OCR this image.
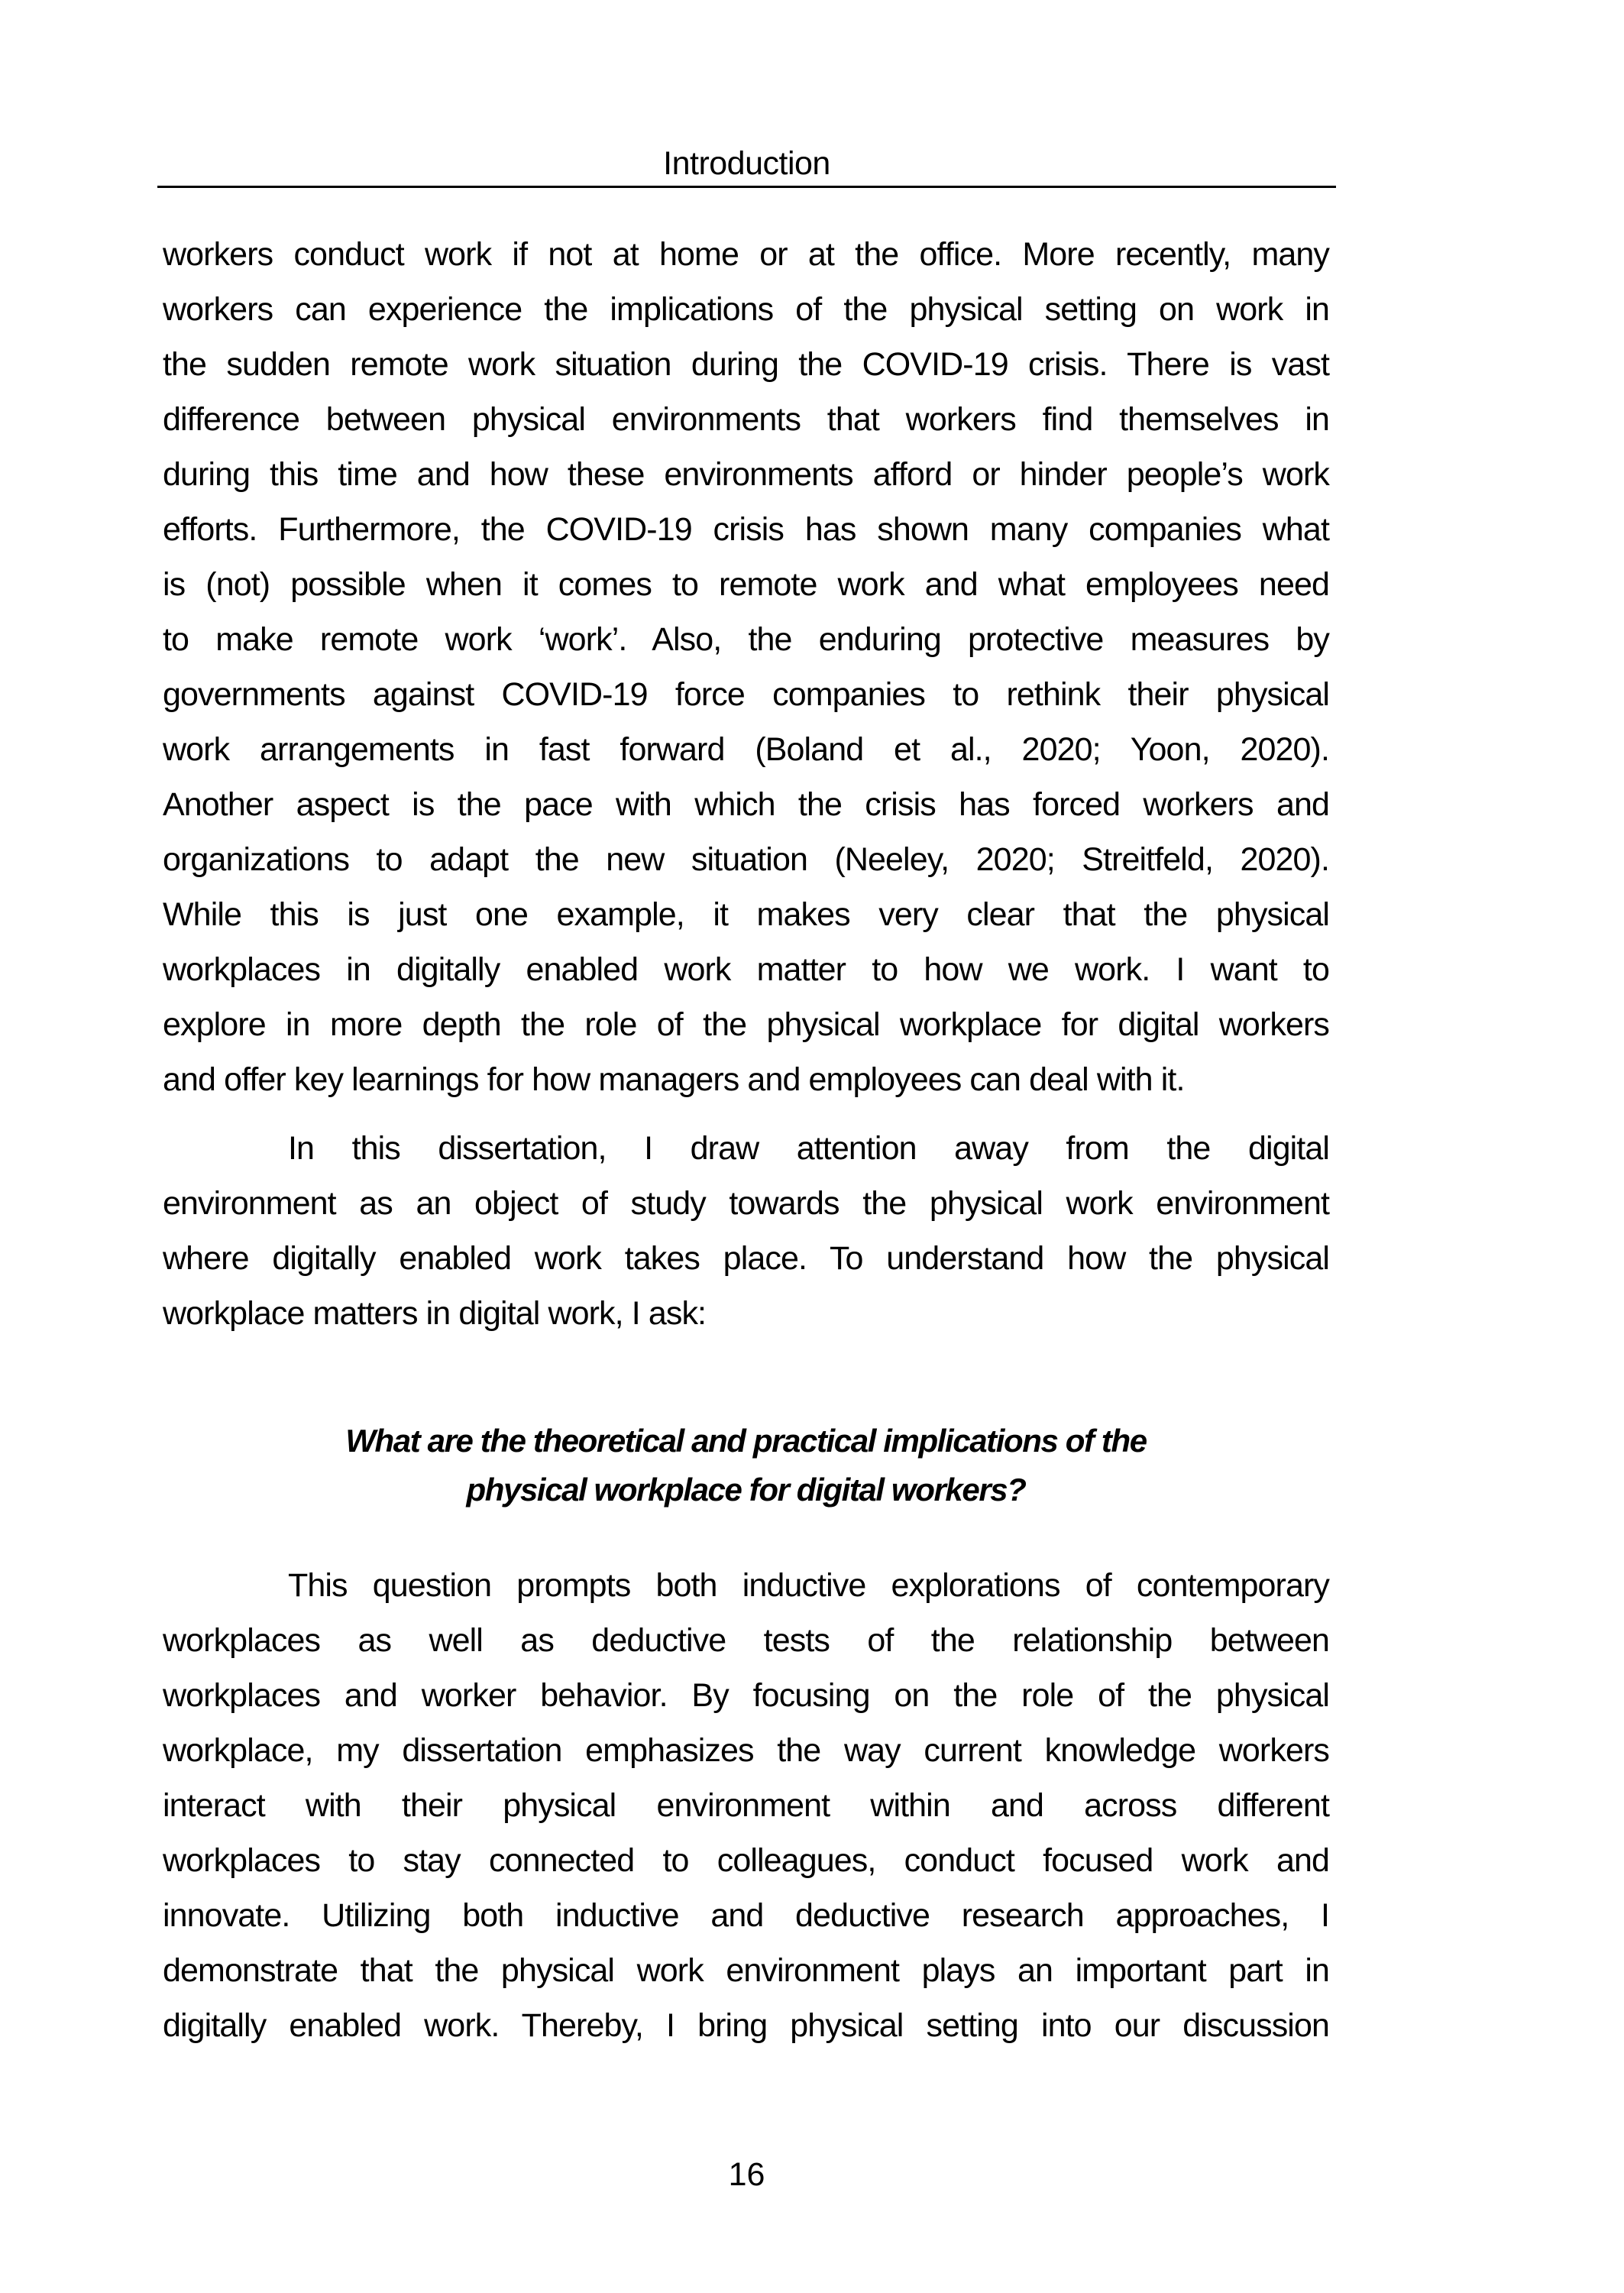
Introduction
workers conduct work if not at home or at the office. More recently, many
workers can experience the implications of the physical setting on work in
the sudden remote work situation during the COVID-19 crisis. There is vast
difference between physical environments that workers find themselves in
during this time and how these environments afford or hinder people’s work
efforts. Furthermore, the COVID-19 crisis has shown many companies what
is (not) possible when it comes to remote work and what employees need
to make remote work ‘work’. Also, the enduring protective measures by
governments against COVID-19 force companies to rethink their physical
work arrangements in fast forward (Boland et al., 2020; Yoon, 2020).
Another aspect is the pace with which the crisis has forced workers and
organizations to adapt the new situation (Neeley, 2020; Streitfeld, 2020).
While this is just one example, it makes very clear that the physical
workplaces in digitally enabled work matter to how we work. I want to
explore in more depth the role of the physical workplace for digital workers
and offer key learnings for how managers and employees can deal with it.
In this dissertation, I draw attention away from the digital
environment as an object of study towards the physical work environment
where digitally enabled work takes place. To understand how the physical
workplace matters in digital work, I ask:
What are the theoretical and practical implications of the
physical workplace for digital workers?
This question prompts both inductive explorations of contemporary
workplaces as well as deductive tests of the relationship between
workplaces and worker behavior. By focusing on the role of the physical
workplace, my dissertation emphasizes the way current knowledge workers
interact with their physical environment within and across different
workplaces to stay connected to colleagues, conduct focused work and
innovate. Utilizing both inductive and deductive research approaches, I
demonstrate that the physical work environment plays an important part in
digitally enabled work. Thereby, I bring physical setting into our discussion
16
